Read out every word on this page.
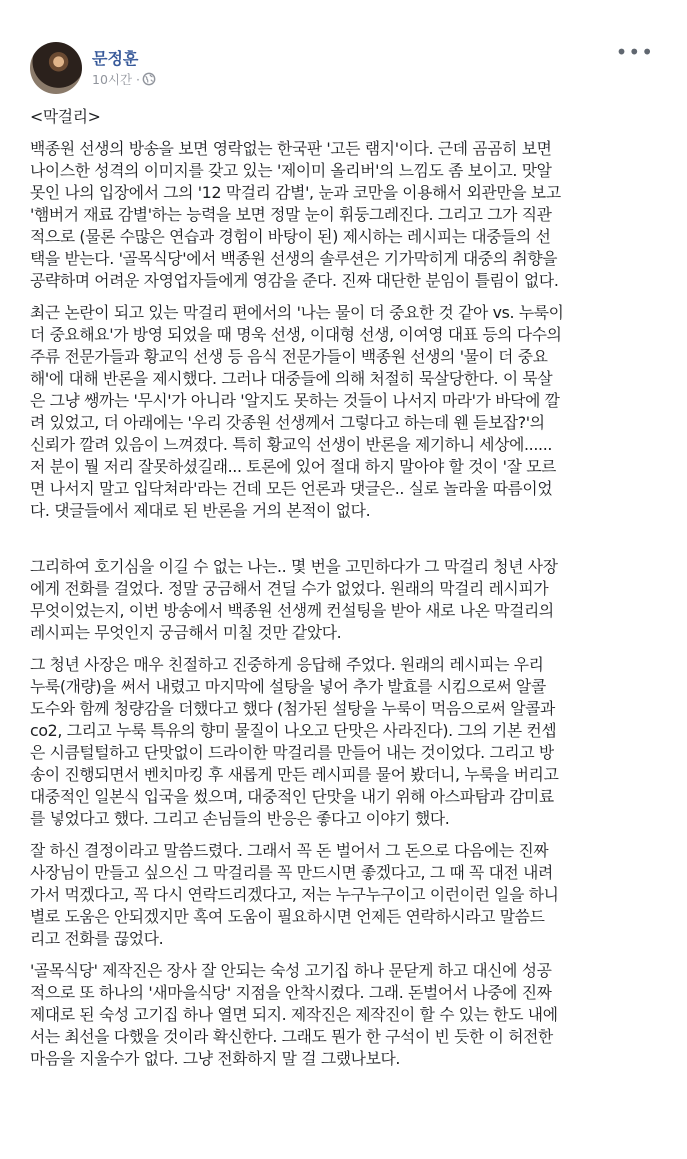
문정훈
10시간 ·
•••

<막걸리>

백종원 선생의 방송을 보면 영락없는 한국판 '고든 램지'이다. 근데 곰곰히 보면
나이스한 성격의 이미지를 갖고 있는 '제이미 올리버'의 느낌도 좀 보이고. 맛알
못인 나의 입장에서 그의 '12 막걸리 감별', 눈과 코만을 이용해서 외관만을 보고
'햄버거 재료 감별'하는 능력을 보면 정말 눈이 휘둥그레진다. 그리고 그가 직관
적으로 (물론 수많은 연습과 경험이 바탕이 된) 제시하는 레시피는 대중들의 선
택을 받는다. '골목식당'에서 백종원 선생의 솔루션은 기가막히게 대중의 취향을
공략하며 어려운 자영업자들에게 영감을 준다. 진짜 대단한 분임이 틀림이 없다.

최근 논란이 되고 있는 막걸리 편에서의 '나는 물이 더 중요한 것 같아 vs. 누룩이
더 중요해요'가 방영 되었을 때 명욱 선생, 이대형 선생, 이여영 대표 등의 다수의
주류 전문가들과 황교익 선생 등 음식 전문가들이 백종원 선생의 '물이 더 중요
해'에 대해 반론을 제시했다. 그러나 대중들에 의해 처절히 묵살당한다. 이 묵살
은 그냥 쌩까는 '무시'가 아니라 '알지도 못하는 것들이 나서지 마라'가 바닥에 깔
려 있었고, 더 아래에는 '우리 갓종원 선생께서 그렇다고 하는데 웬 듣보잡?'의
신뢰가 깔려 있음이 느껴졌다. 특히 황교익 선생이 반론을 제기하니 세상에......
저 분이 뭘 저리 잘못하셨길래... 토론에 있어 절대 하지 말아야 할 것이 '잘 모르
면 나서지 말고 입닥쳐라'라는 건데 모든 언론과 댓글은.. 실로 놀라울 따름이었
다. 댓글들에서 제대로 된 반론을 거의 본적이 없다.

그리하여 호기심을 이길 수 없는 나는.. 몇 번을 고민하다가 그 막걸리 청년 사장
에게 전화를 걸었다. 정말 궁금해서 견딜 수가 없었다. 원래의 막걸리 레시피가
무엇이었는지, 이번 방송에서 백종원 선생께 컨설팅을 받아 새로 나온 막걸리의
레시피는 무엇인지 궁금해서 미칠 것만 같았다.

그 청년 사장은 매우 친절하고 진중하게 응답해 주었다. 원래의 레시피는 우리
누룩(개량)을 써서 내렸고 마지막에 설탕을 넣어 추가 발효를 시킴으로써 알콜
도수와 함께 청량감을 더했다고 했다 (첨가된 설탕을 누룩이 먹음으로써 알콜과
co2, 그리고 누룩 특유의 향미 물질이 나오고 단맛은 사라진다). 그의 기본 컨셉
은 시큼털털하고 단맛없이 드라이한 막걸리를 만들어 내는 것이었다. 그리고 방
송이 진행되면서 벤치마킹 후 새롭게 만든 레시피를 물어 봤더니, 누룩을 버리고
대중적인 일본식 입국을 썼으며, 대중적인 단맛을 내기 위해 아스파탐과 감미료
를 넣었다고 했다. 그리고 손님들의 반응은 좋다고 이야기 했다.

잘 하신 결정이라고 말씀드렸다. 그래서 꼭 돈 벌어서 그 돈으로 다음에는 진짜
사장님이 만들고 싶으신 그 막걸리를 꼭 만드시면 좋겠다고, 그 때 꼭 대전 내려
가서 먹겠다고, 꼭 다시 연락드리겠다고, 저는 누구누구이고 이런이런 일을 하니
별로 도움은 안되겠지만 혹여 도움이 필요하시면 언제든 연락하시라고 말씀드
리고 전화를 끊었다.

'골목식당' 제작진은 장사 잘 안되는 숙성 고기집 하나 문닫게 하고 대신에 성공
적으로 또 하나의 '새마을식당' 지점을 안착시켰다. 그래. 돈벌어서 나중에 진짜
제대로 된 숙성 고기집 하나 열면 되지. 제작진은 제작진이 할 수 있는 한도 내에
서는 최선을 다했을 것이라 확신한다. 그래도 뭔가 한 구석이 빈 듯한 이 허전한
마음을 지울수가 없다. 그냥 전화하지 말 걸 그랬나보다.
